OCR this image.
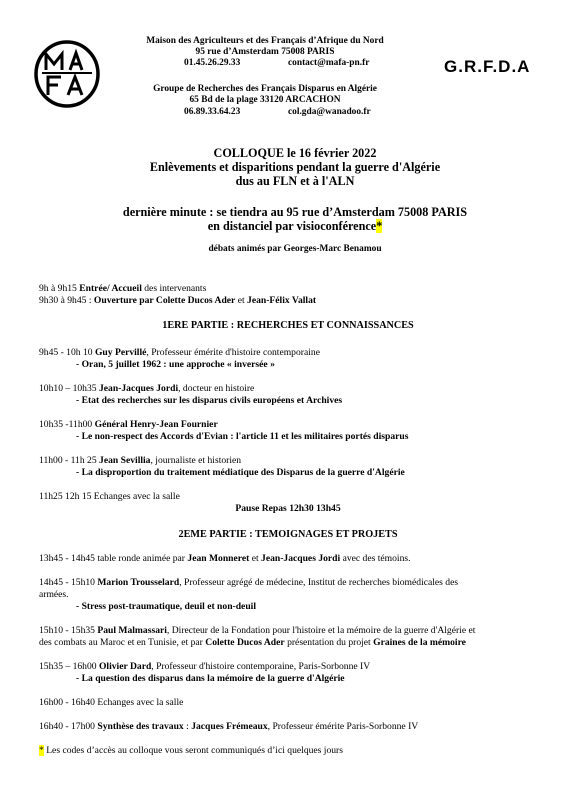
Maison des Agriculteurs et des Français d’Afrique du Nord
95 rue d’Amsterdam 75008 PARIS
01.45.26.29.33	contact@mafa-pn.fr
Groupe de Recherches des Français Disparus en Algérie
65 Bd de la plage 33120 ARCACHON
06.89.33.64.23	col.gda@wanadoo.fr
G.R.F.D.A
COLLOQUE le 16 février 2022
Enlèvements et disparitions pendant la guerre d'Algérie
dus au FLN et à l'ALN
dernière minute : se tiendra au 95 rue d’Amsterdam 75008 PARIS
en distanciel par visioconférence*
débats animés par Georges-Marc Benamou
9h à 9h15 Entrée/ Accueil des intervenants
9h30 à 9h45 : Ouverture par Colette Ducos Ader et Jean-Félix Vallat
1ERE PARTIE : RECHERCHES ET CONNAISSANCES
9h45 - 10h 10 Guy Pervillé, Professeur émérite d'histoire contemporaine
- Oran, 5 juillet 1962 : une approche « inversée »
10h10 – 10h35 Jean-Jacques Jordi, docteur en histoire
- Etat des recherches sur les disparus civils européens et Archives
10h35 -11h00 Général Henry-Jean Fournier
- Le non-respect des Accords d'Evian : l'article 11 et les militaires portés disparus
11h00 - 11h 25 Jean Sevillia, journaliste et historien
- La disproportion du traitement médiatique des Disparus de la guerre d'Algérie
11h25 12h 15 Echanges avec la salle
Pause Repas 12h30 13h45
2EME PARTIE : TEMOIGNAGES ET PROJETS
13h45 - 14h45 table ronde animée par Jean Monneret et Jean-Jacques Jordi avec des témoins.
14h45 - 15h10 Marion Trousselard, Professeur agrégé de médecine, Institut de recherches biomédicales des
armées.
- Stress post-traumatique, deuil et non-deuil
15h10 - 15h35 Paul Malmassari, Directeur de la Fondation pour l'histoire et la mémoire de la guerre d'Algérie et
des combats au Maroc et en Tunisie, et par Colette Ducos Ader présentation du projet Graines de la mémoire
15h35 – 16h00 Olivier Dard, Professeur d'histoire contemporaine, Paris-Sorbonne IV
- La question des disparus dans la mémoire de la guerre d'Algérie
16h00 - 16h40 Echanges avec la salle
16h40 - 17h00 Synthèse des travaux : Jacques Frémeaux, Professeur émérite Paris-Sorbonne IV
* Les codes d’accès au colloque vous seront communiqués d’ici quelques jours
